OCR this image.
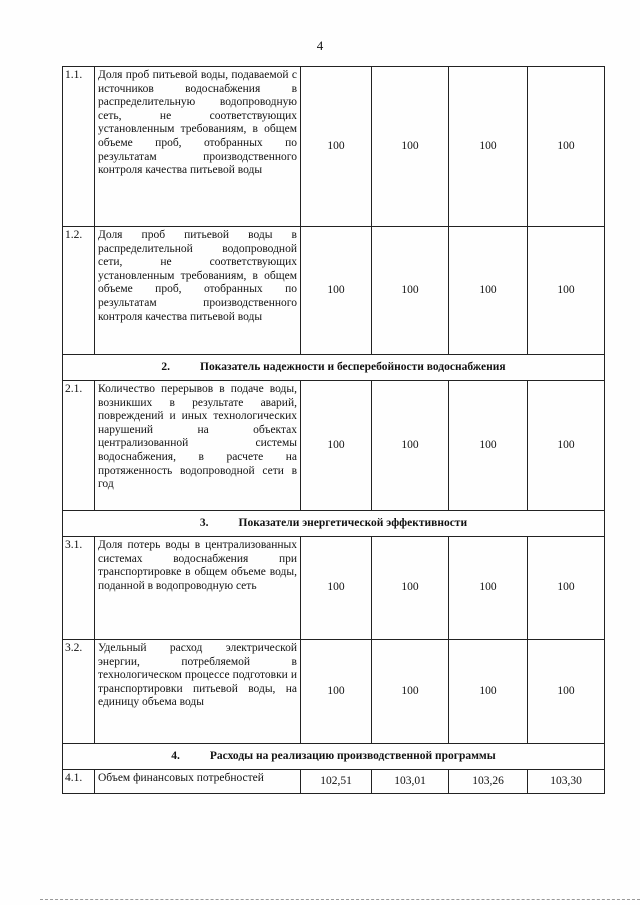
4
1.1.	Доля проб питьевой воды, подаваемой с источников водоснабжения в распределительную водопроводную сеть, не соответствующих установленным требованиям, в общем объеме проб, отобранных по результатам производственного контроля качества питьевой воды	100	100	100	100
1.2.	Доля проб питьевой воды в распределительной водопроводной сети, не соответствующих установленным требованиям, в общем объеме проб, отобранных по результатам производственного контроля качества питьевой воды	100	100	100	100
2. Показатель надежности и бесперебойности водоснабжения					
2.1.	Количество перерывов в подаче воды, возникших в результате аварий, повреждений и иных технологических нарушений на объектах централизованной системы водоснабжения, в расчете на протяженность водопроводной сети в год	100	100	100	100
3. Показатели энергетической эффективности					
3.1.	Доля потерь воды в централизованных системах водоснабжения при транспортировке в общем объеме воды, поданной в водопроводную сеть	100	100	100	100
3.2.	Удельный расход электрической энергии, потребляемой в технологическом процессе подготовки и транспортировки питьевой воды, на единицу объема воды	100	100	100	100
4. Расходы на реализацию производственной программы					
4.1.	Объем финансовых потребностей	102,51	103,01	103,26	103,30
